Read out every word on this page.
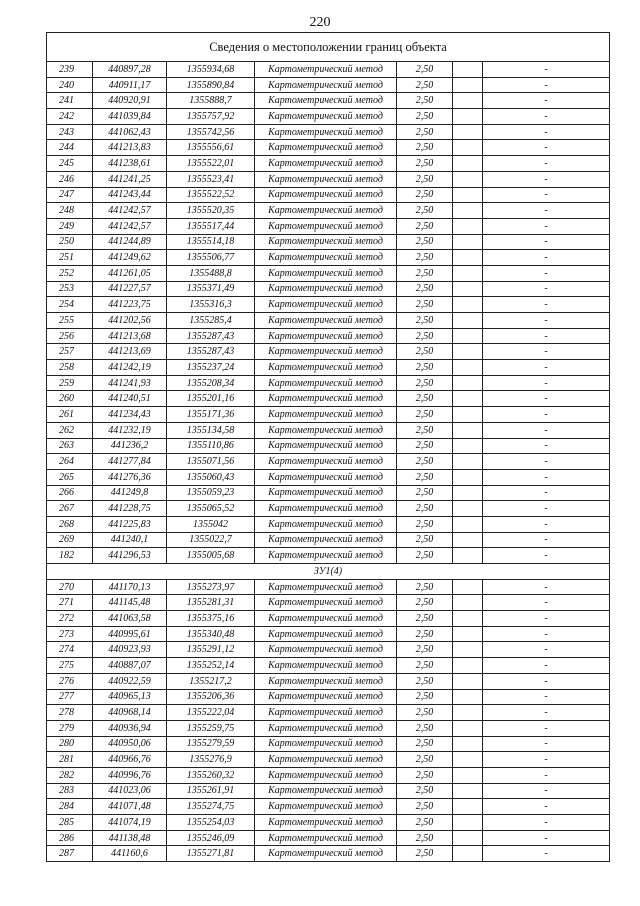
220
Сведения о местоположении границ объекта						
239	440897,28	1355934,68	Картометрический метод	2,50		-
240	440911,17	1355890,84	Картометрический метод	2,50		-
241	440920,91	1355888,7	Картометрический метод	2,50		-
242	441039,84	1355757,92	Картометрический метод	2,50		-
243	441062,43	1355742,56	Картометрический метод	2,50		-
244	441213,83	1355556,61	Картометрический метод	2,50		-
245	441238,61	1355522,01	Картометрический метод	2,50		-
246	441241,25	1355523,41	Картометрический метод	2,50		-
247	441243,44	1355522,52	Картометрический метод	2,50		-
248	441242,57	1355520,35	Картометрический метод	2,50		-
249	441242,57	1355517,44	Картометрический метод	2,50		-
250	441244,89	1355514,18	Картометрический метод	2,50		-
251	441249,62	1355506,77	Картометрический метод	2,50		-
252	441261,05	1355488,8	Картометрический метод	2,50		-
253	441227,57	1355371,49	Картометрический метод	2,50		-
254	441223,75	1355316,3	Картометрический метод	2,50		-
255	441202,56	1355285,4	Картометрический метод	2,50		-
256	441213,68	1355287,43	Картометрический метод	2,50		-
257	441213,69	1355287,43	Картометрический метод	2,50		-
258	441242,19	1355237,24	Картометрический метод	2,50		-
259	441241,93	1355208,34	Картометрический метод	2,50		-
260	441240,51	1355201,16	Картометрический метод	2,50		-
261	441234,43	1355171,36	Картометрический метод	2,50		-
262	441232,19	1355134,58	Картометрический метод	2,50		-
263	441236,2	1355110,86	Картометрический метод	2,50		-
264	441277,84	1355071,56	Картометрический метод	2,50		-
265	441276,36	1355060,43	Картометрический метод	2,50		-
266	441249,8	1355059,23	Картометрический метод	2,50		-
267	441228,75	1355065,52	Картометрический метод	2,50		-
268	441225,83	1355042	Картометрический метод	2,50		-
269	441240,1	1355022,7	Картометрический метод	2,50		-
182	441296,53	1355005,68	Картометрический метод	2,50		-
ЗУ1(4)						
270	441170,13	1355273,97	Картометрический метод	2,50		-
271	441145,48	1355281,31	Картометрический метод	2,50		-
272	441063,58	1355375,16	Картометрический метод	2,50		-
273	440995,61	1355340,48	Картометрический метод	2,50		-
274	440923,93	1355291,12	Картометрический метод	2,50		-
275	440887,07	1355252,14	Картометрический метод	2,50		-
276	440922,59	1355217,2	Картометрический метод	2,50		-
277	440965,13	1355206,36	Картометрический метод	2,50		-
278	440968,14	1355222,04	Картометрический метод	2,50		-
279	440936,94	1355259,75	Картометрический метод	2,50		-
280	440950,06	1355279,59	Картометрический метод	2,50		-
281	440966,76	1355276,9	Картометрический метод	2,50		-
282	440996,76	1355260,32	Картометрический метод	2,50		-
283	441023,06	1355261,91	Картометрический метод	2,50		-
284	441071,48	1355274,75	Картометрический метод	2,50		-
285	441074,19	1355254,03	Картометрический метод	2,50		-
286	441138,48	1355246,09	Картометрический метод	2,50		-
287	441160,6	1355271,81	Картометрический метод	2,50		-
